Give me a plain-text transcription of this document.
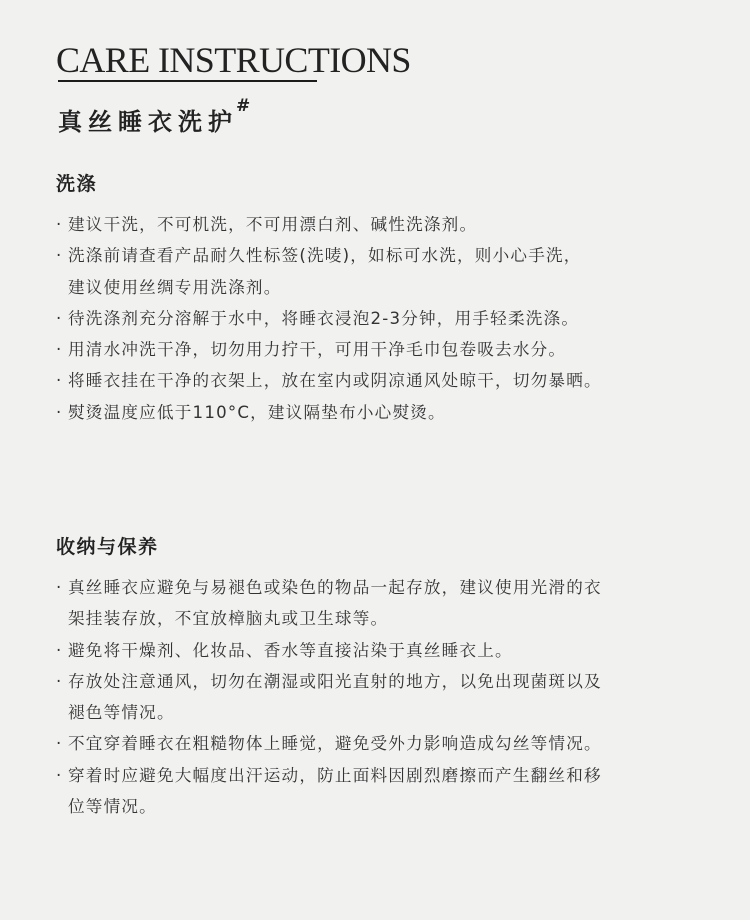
CARE INSTRUCTIONS
真丝睡衣洗护#
洗涤
· 建议干洗，不可机洗，不可用漂白剂、碱性洗涤剂。
· 洗涤前请查看产品耐久性标签(洗唛)，如标可水洗，则小心手洗，
建议使用丝绸专用洗涤剂。
· 待洗涤剂充分溶解于水中，将睡衣浸泡2-3分钟，用手轻柔洗涤。
· 用清水冲洗干净，切勿用力拧干，可用干净毛巾包卷吸去水分。
· 将睡衣挂在干净的衣架上，放在室内或阴凉通风处晾干，切勿暴晒。
· 熨烫温度应低于110°C，建议隔垫布小心熨烫。
收纳与保养
· 真丝睡衣应避免与易褪色或染色的物品一起存放，建议使用光滑的衣
架挂装存放，不宜放樟脑丸或卫生球等。
· 避免将干燥剂、化妆品、香水等直接沾染于真丝睡衣上。
· 存放处注意通风，切勿在潮湿或阳光直射的地方，以免出现菌斑以及
褪色等情况。
· 不宜穿着睡衣在粗糙物体上睡觉，避免受外力影响造成勾丝等情况。
· 穿着时应避免大幅度出汗运动，防止面料因剧烈磨擦而产生翻丝和移
位等情况。
